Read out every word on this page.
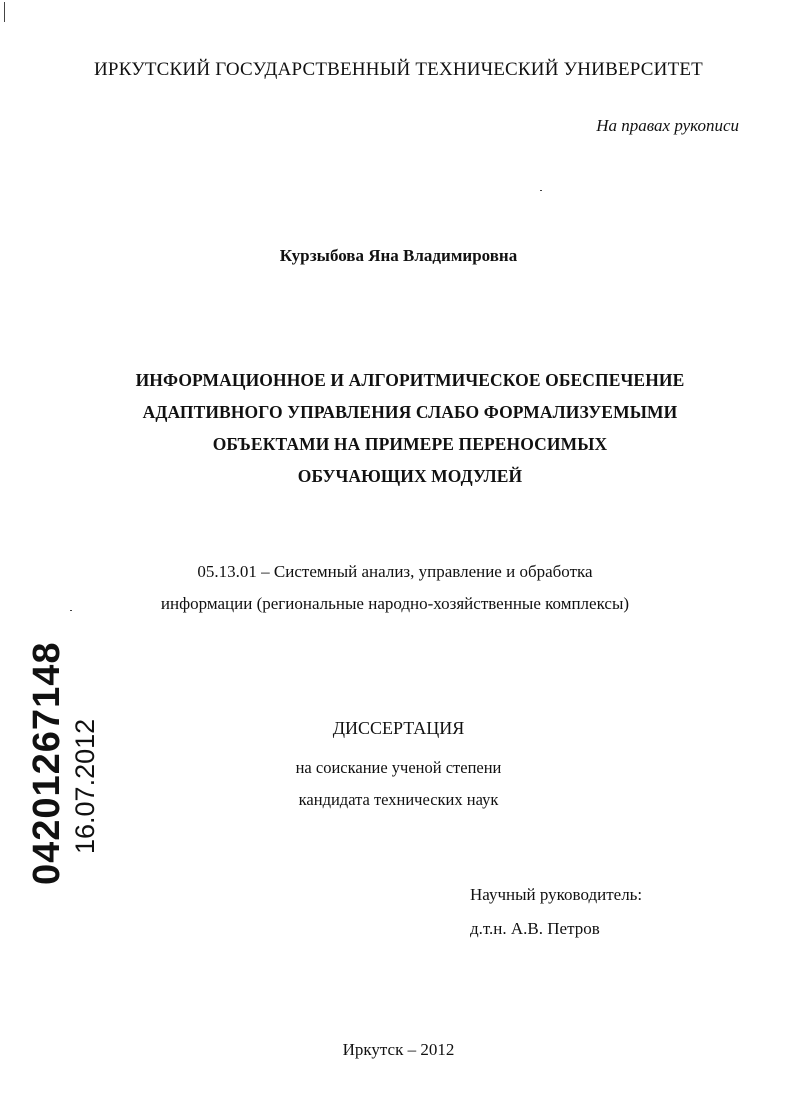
ИРКУТСКИЙ ГОСУДАРСТВЕННЫЙ ТЕХНИЧЕСКИЙ УНИВЕРСИТЕТ
На правах рукописи
Курзыбова Яна Владимировна
ИНФОРМАЦИОННОЕ И АЛГОРИТМИЧЕСКОЕ ОБЕСПЕЧЕНИЕ
АДАПТИВНОГО УПРАВЛЕНИЯ СЛАБО ФОРМАЛИЗУЕМЫМИ
ОБЪЕКТАМИ НА ПРИМЕРЕ ПЕРЕНОСИМЫХ
ОБУЧАЮЩИХ МОДУЛЕЙ
05.13.01 – Системный анализ, управление и обработка
информации (региональные народно-хозяйственные комплексы)
ДИССЕРТАЦИЯ
на соискание ученой степени
кандидата технических наук
Научный руководитель:
д.т.н. А.В. Петров
Иркутск – 2012
04201267148 16.07.2012
